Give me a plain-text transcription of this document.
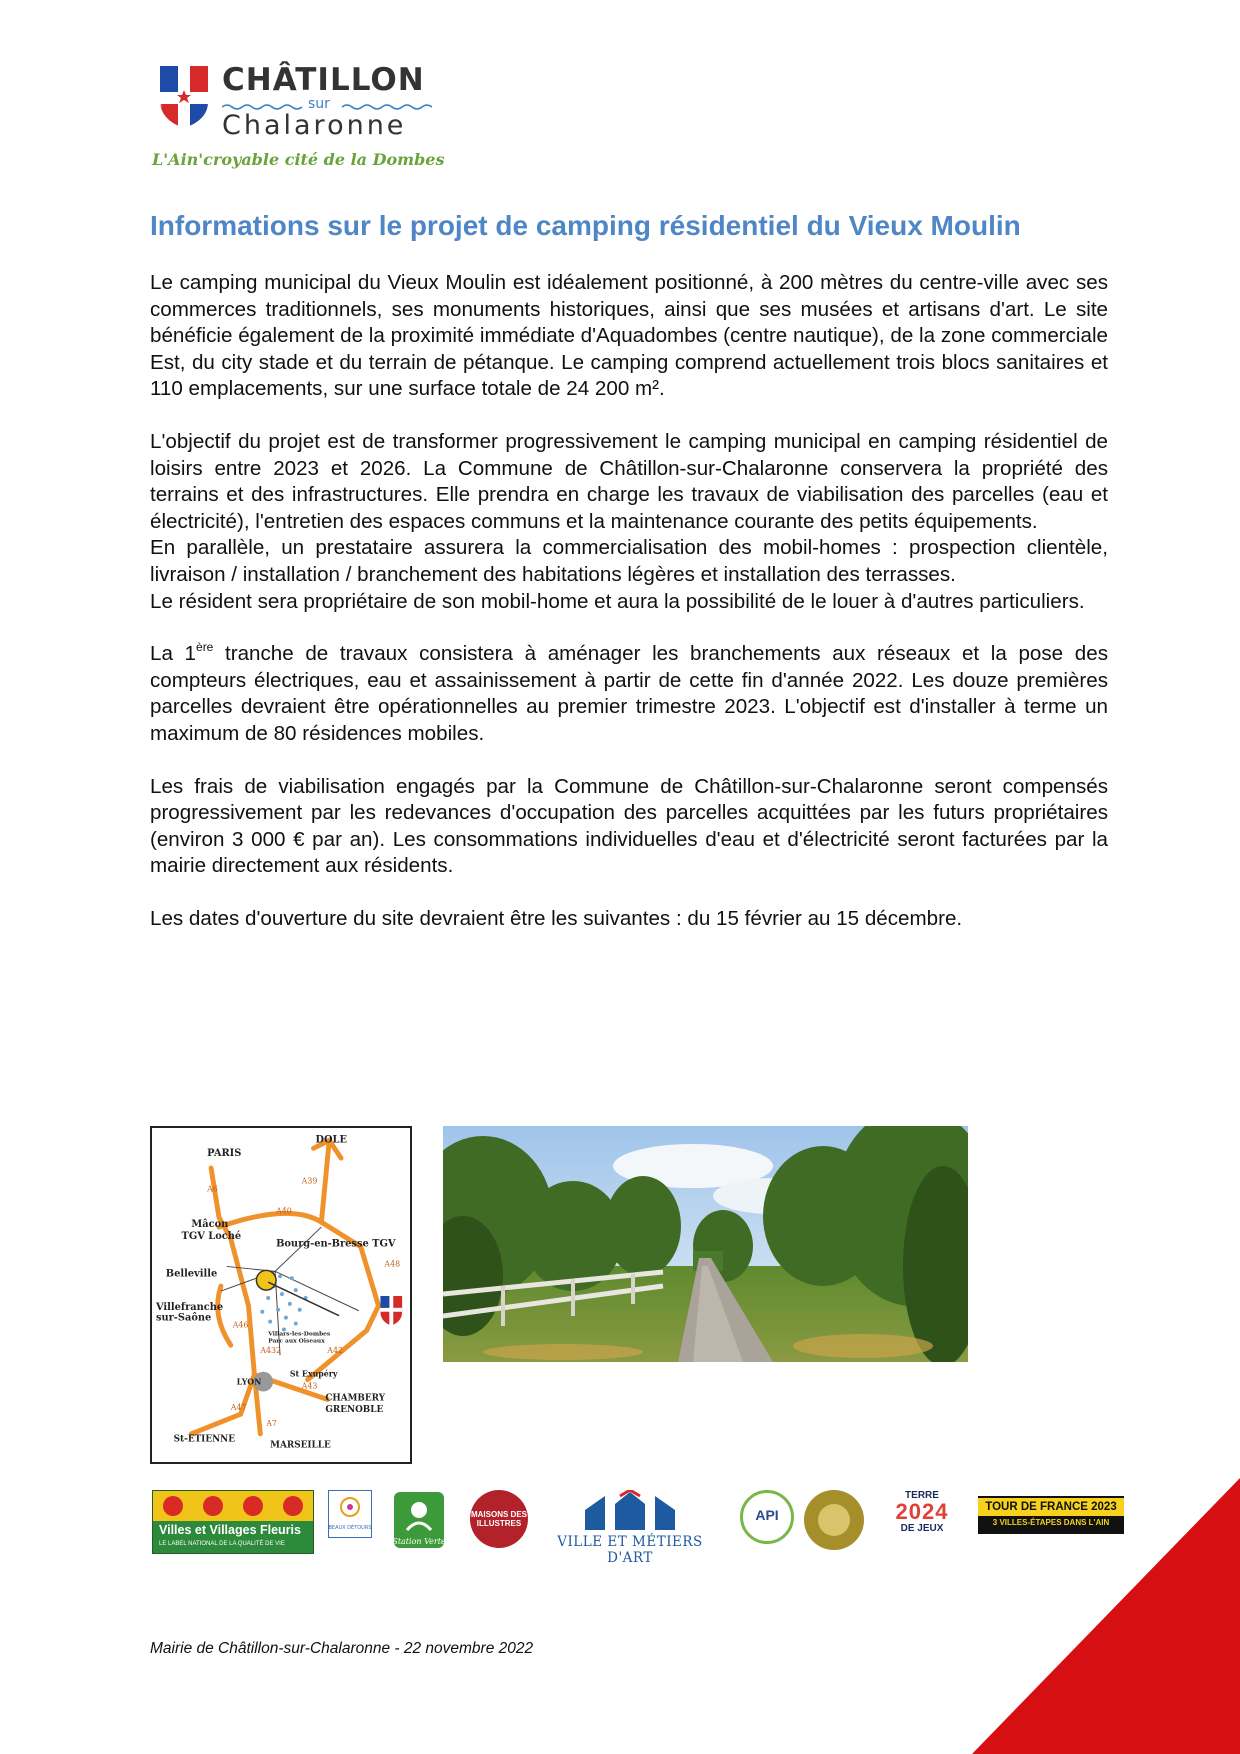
CHÂTILLON
sur
Chalaronne
L'Ain'croyable cité de la Dombes
Informations sur le projet de camping résidentiel du Vieux Moulin

Le camping municipal du Vieux Moulin est idéalement positionné, à 200 mètres du centre-ville avec ses commerces traditionnels, ses monuments historiques, ainsi que ses musées et artisans d'art. Le site bénéficie également de la proximité immédiate d'Aquadombes (centre nautique), de la zone commerciale Est, du city stade et du terrain de pétanque. Le camping comprend actuellement trois blocs sanitaires et 110 emplacements, sur une surface totale de 24 200 m².

L'objectif du projet est de transformer progressivement le camping municipal en camping résidentiel de loisirs entre 2023 et 2026. La Commune de Châtillon-sur-Chalaronne conservera la propriété des terrains et des infrastructures. Elle prendra en charge les travaux de viabilisation des parcelles (eau et électricité), l'entretien des espaces communs et la maintenance courante des petits équipements.

En parallèle, un prestataire assurera la commercialisation des mobil-homes : prospection clientèle, livraison / installation / branchement des habitations légères et installation des terrasses.

Le résident sera propriétaire de son mobil-home et aura la possibilité de le louer à d'autres particuliers.

La 1ère tranche de travaux consistera à aménager les branchements aux réseaux et la pose des compteurs électriques, eau et assainissement à partir de cette fin d'année 2022. Les douze premières parcelles devraient être opérationnelles au premier trimestre 2023. L'objectif est d'installer à terme un maximum de 80 résidences mobiles.

Les frais de viabilisation engagés par la Commune de Châtillon-sur-Chalaronne seront compensés progressivement par les redevances d'occupation des parcelles acquittées par les futurs propriétaires (environ 3 000 € par an). Les consommations individuelles d'eau et d'électricité seront facturées par la mairie directement aux résidents.

Les dates d'ouverture du site devraient être les suivantes : du 15 février au 15 décembre.

PARIS
DOLE
Mâcon
TGV Loché
Bourg-en-Bresse TGV
Belleville
Villefranche
sur-Saône
Villars-les-Dombes
Parc aux Oiseaux
LYON
St Exupéry
CHAMBERY
GRENOBLE
St-ETIENNE
MARSEILLE
A6
A39
A40
A48
A46
A432	A42
A43
A47
A7
Villes et Villages Fleuris
LE LABEL NATIONAL DE LA QUALITÉ DE VIE
BEAUX DÉTOURS
Station Verte
MAISONS DES ILLUSTRES
VILLE ET MÉTIERS D'ART
API
TERRE
2024
DE JEUX
TOUR DE FRANCE 2023
3 VILLES-ÉTAPES DANS L'AIN
Mairie de Châtillon-sur-Chalaronne - 22 novembre 2022
